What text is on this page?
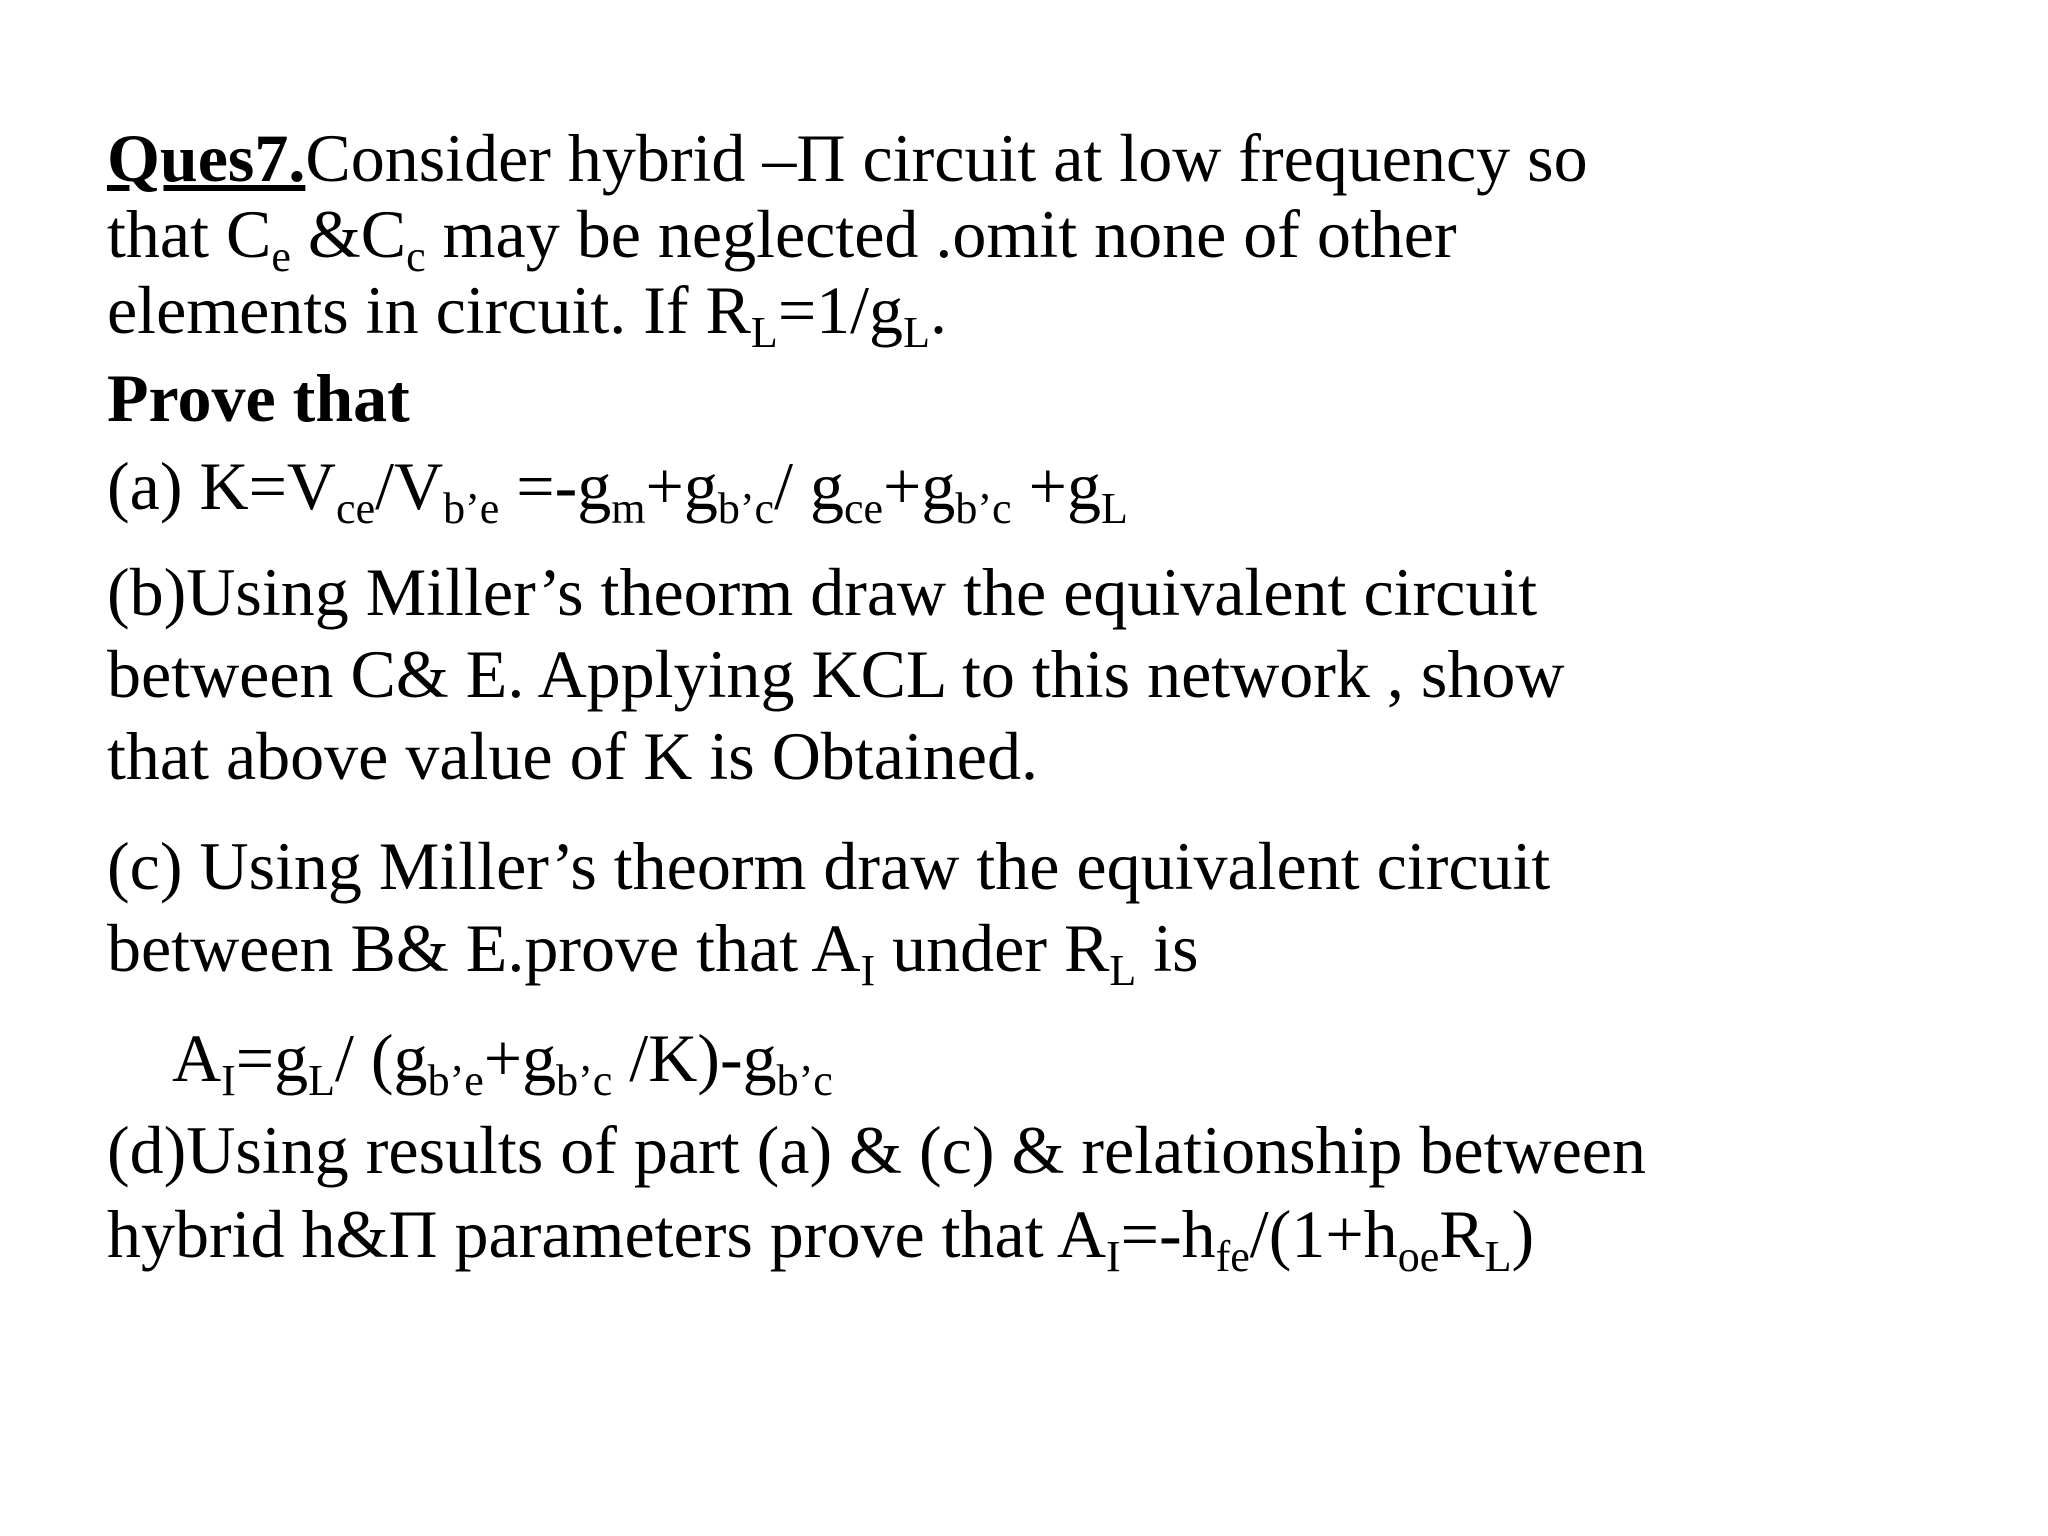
Ques7.Consider hybrid –Π circuit at low frequency so
that $C_e$ $\&C_c$ may be neglected .omit none of other
elements in circuit. If $R_L=1/g_L$.
Prove that
(a) $K=V_{ce}/V_{b’e} =-g_m+g_{b’c}/$ $g_{ce}+g_{b’c} +g_L$
(b)Using Miller’s theorm draw the equivalent circuit
between C& E. Applying KCL to this network , show
that above value of K is Obtained.
(c) Using Miller’s theorm draw the equivalent circuit
between B& E.prove that $A_I$ under $R_L$ is
$A_I=g_L/$ ($g_{b’e}+g_{b’c}$ $/K)-g_{b’c}$
(d)Using results of part (a) & (c) & relationship between
hybrid h&Π parameters prove that $A_I=-h_{fe}/(1+h_{oe}R_L)$
